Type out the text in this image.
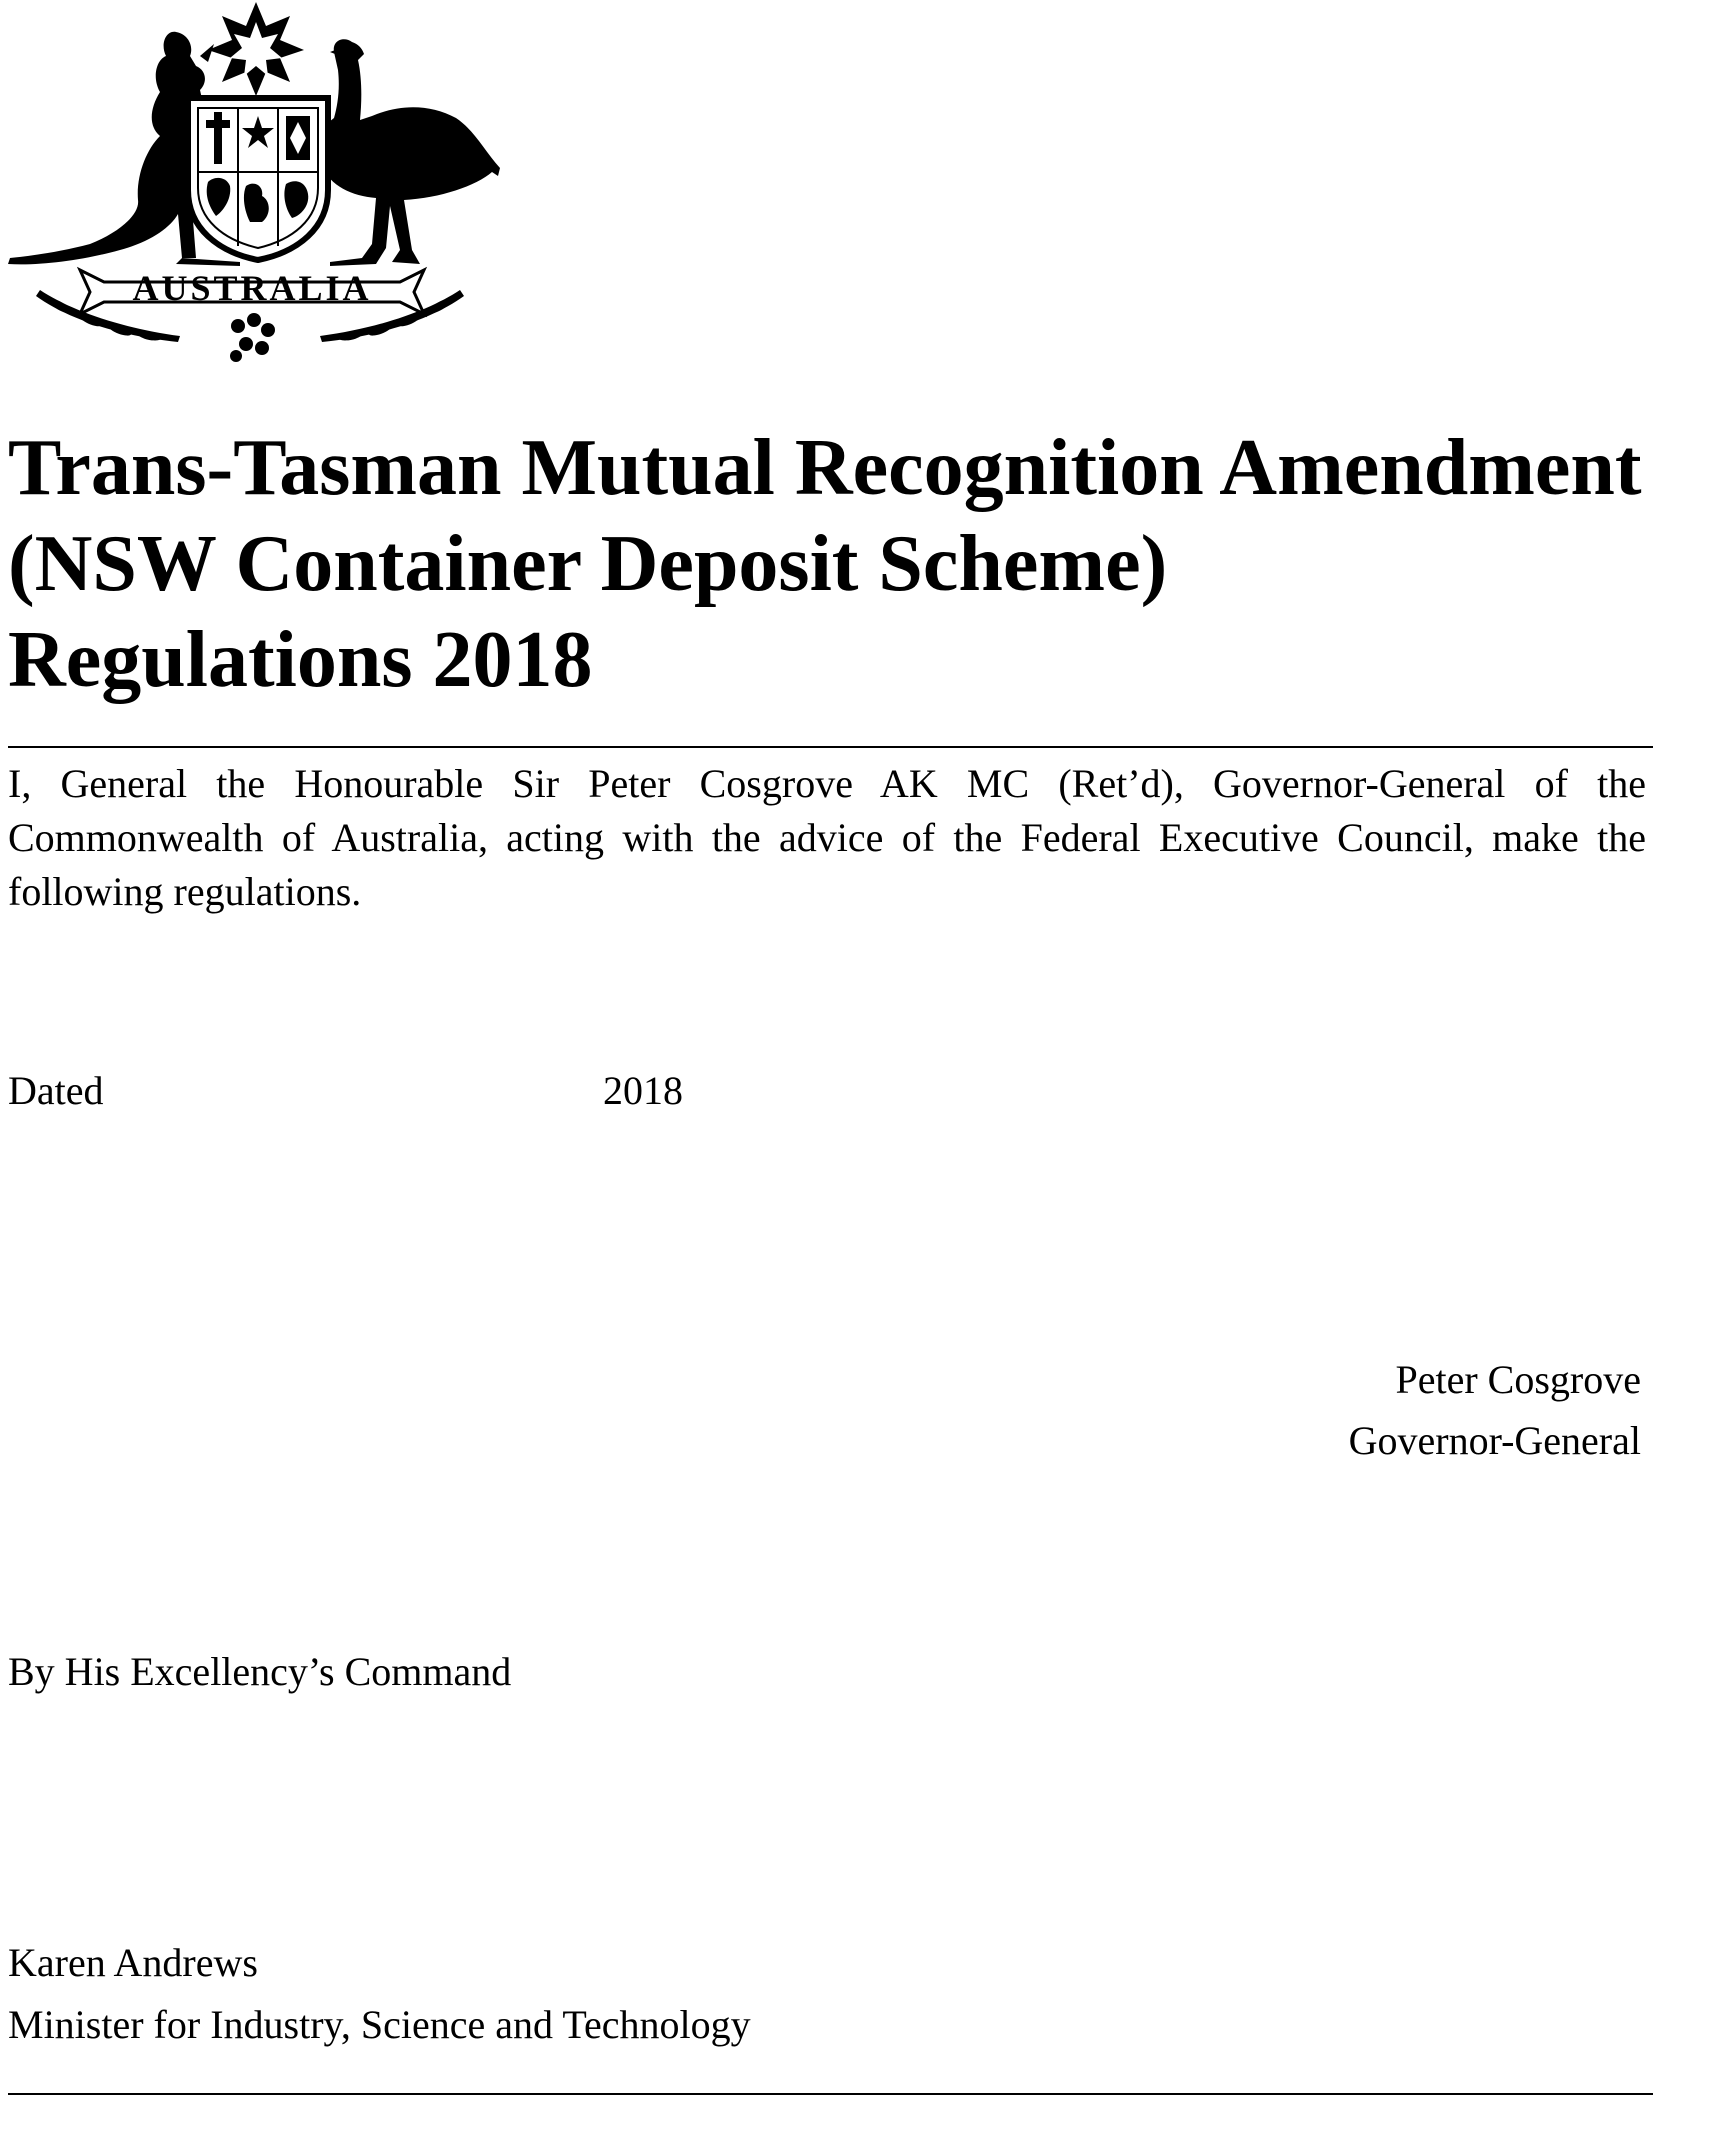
AUSTRALIA
Trans-Tasman Mutual Recognition Amendment
(NSW Container Deposit Scheme)
Regulations 2018

I, General the Honourable Sir Peter Cosgrove AK MC (Ret’d), Governor-General of the Commonwealth of Australia, acting with the advice of the Federal Executive Council, make the following regulations.

Dated	2018
Peter Cosgrove
Governor-General
By His Excellency’s Command
Karen Andrews
Minister for Industry, Science and Technology
